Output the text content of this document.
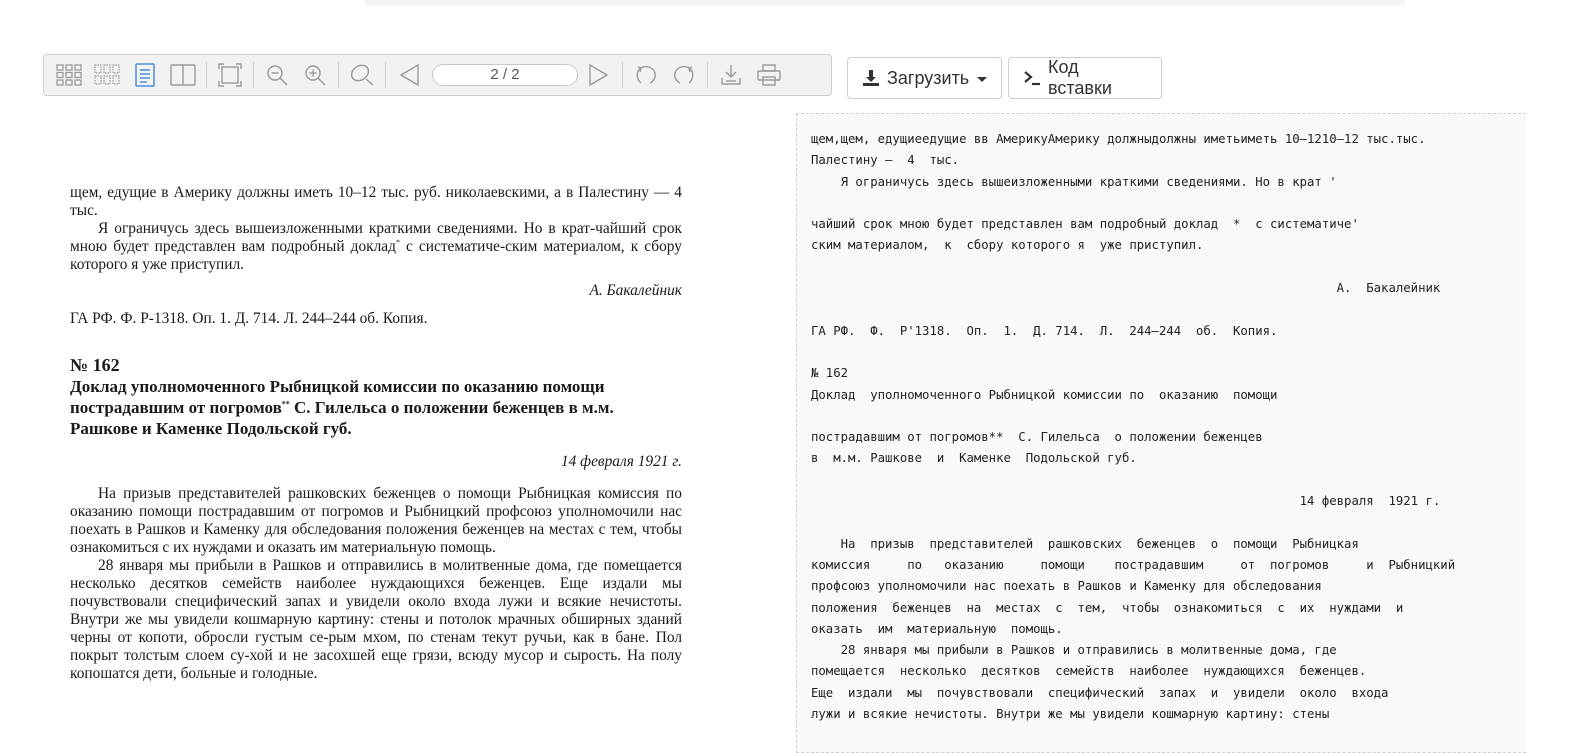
2 / 2	Загрузить
Код вставки

щем, едущие в Америку должны иметь 10–12 тыс. руб. николаевскими, а в Палестину — 4 тыс.

Я ограничусь здесь вышеизложенными краткими сведениями. Но в крат-чайший срок мною будет представлен вам подробный доклад* с систематиче-ским материалом, к сбору которого я уже приступил.

А. Бакалейник

ГА РФ. Ф. Р-1318. Оп. 1. Д. 714. Л. 244–244 об. Копия.

№ 162

Доклад уполномоченного Рыбницкой комиссии по оказанию помощи пострадавшим от погромов** С. Гилельса о положении беженцев в м.м. Рашкове и Каменке Подольской губ.

14 февраля 1921 г.

На призыв представителей рашковских беженцев о помощи Рыбницкая комиссия по оказанию помощи пострадавшим от погромов и Рыбницкий профсоюз уполномочили нас поехать в Рашков и Каменку для обследования положения беженцев на местах с тем, чтобы ознакомиться с их нуждами и оказать им материальную помощь.

28 января мы прибыли в Рашков и отправились в молитвенные дома, где помещается несколько десятков семейств наиболее нуждающихся беженцев. Еще издали мы почувствовали специфический запах и увидели около входа лужи и всякие нечистоты. Внутри же мы увидели кошмарную картину: стены и потолок мрачных обширных зданий черны от копоти, обросли густым се-рым мхом, по стенам текут ручьи, как в бане. Пол покрыт толстым слоем су-хой и не засохшей еще грязи, всюду мусор и сырость. На полу копошатся дети, больные и голодные.

щем,щем, едущиеедущие вв АмерикуАмерику должныдолжны иметьиметь 10–1210–12 тыс.тыс.
Палестину —  4  тыс.
Я ограничусь здесь вышеизложенными краткими сведениями. Но в крат '
чайший срок мною будет представлен вам подробный доклад  *  с систематиче'
ским материалом,  к  сбору которого я  уже приступил.
А.  Бакалейник
ГА РФ.  Ф.  Р'1318.  Оп.  1.  Д. 714.  Л.  244–244  об.  Копия.
№ 162
Доклад  уполномоченного Рыбницкой комиссии по  оказанию  помощи
пострадавшим от погромов**  С. Гилельса  о положении беженцев
в  м.м. Рашкове  и  Каменке  Подольской губ.
14 февраля  1921 г.
На  призыв  представителей  рашковских  беженцев  о  помощи  Рыбницкая
комиссия     по   оказанию     помощи    пострадавшим     от  погромов     и  Рыбницкий
профсоюз уполномочили нас поехать в Рашков и Каменку для обследования
положения  беженцев  на  местах  с  тем,  чтобы  ознакомиться  с  их  нуждами  и
оказать  им  материальную  помощь.
28 января мы прибыли в Рашков и отправились в молитвенные дома, где
помещается  несколько  десятков  семейств  наиболее  нуждающихся  беженцев.
Еще  издали  мы  почувствовали  специфический  запах  и  увидели  около  входа
лужи и всякие нечистоты. Внутри же мы увидели кошмарную картину: стены
